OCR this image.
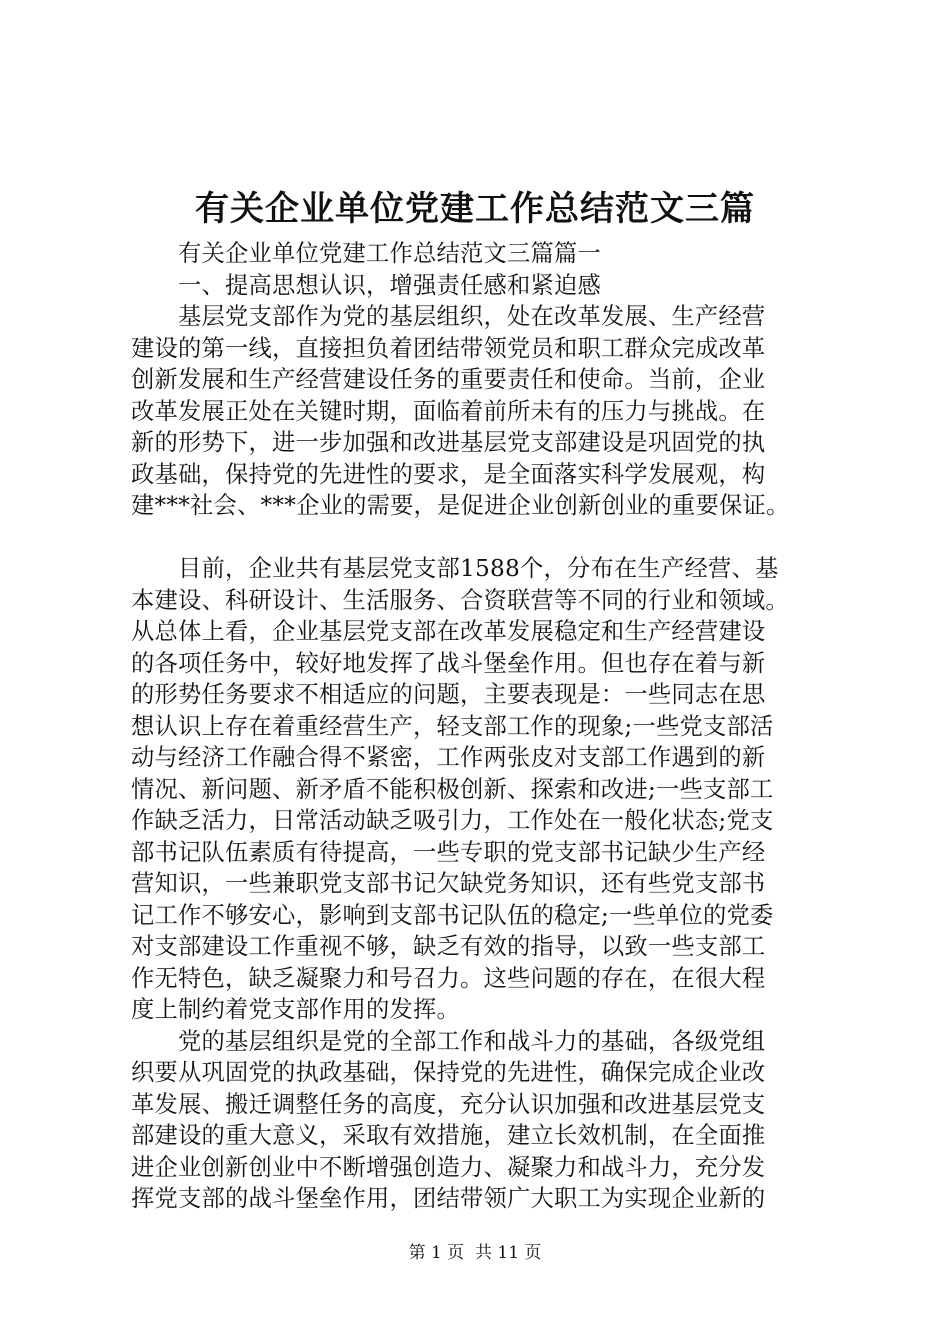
有关企业单位党建工作总结范文三篇
有关企业单位党建工作总结范文三篇篇一
一、提高思想认识，增强责任感和紧迫感
基层党支部作为党的基层组织，处在改革发展、生产经营
建设的第一线，直接担负着团结带领党员和职工群众完成改革
创新发展和生产经营建设任务的重要责任和使命。当前，企业
改革发展正处在关键时期，面临着前所未有的压力与挑战。在
新的形势下，进一步加强和改进基层党支部建设是巩固党的执
政基础，保持党的先进性的要求，是全面落实科学发展观，构
建***社会、***企业的需要，是促进企业创新创业的重要保证。
目前，企业共有基层党支部1588个，分布在生产经营、基
本建设、科研设计、生活服务、合资联营等不同的行业和领域。
从总体上看，企业基层党支部在改革发展稳定和生产经营建设
的各项任务中，较好地发挥了战斗堡垒作用。但也存在着与新
的形势任务要求不相适应的问题，主要表现是：一些同志在思
想认识上存在着重经营生产，轻支部工作的现象;一些党支部活
动与经济工作融合得不紧密，工作两张皮对支部工作遇到的新
情况、新问题、新矛盾不能积极创新、探索和改进;一些支部工
作缺乏活力，日常活动缺乏吸引力，工作处在一般化状态;党支
部书记队伍素质有待提高，一些专职的党支部书记缺少生产经
营知识，一些兼职党支部书记欠缺党务知识，还有些党支部书
记工作不够安心，影响到支部书记队伍的稳定;一些单位的党委
对支部建设工作重视不够，缺乏有效的指导，以致一些支部工
作无特色，缺乏凝聚力和号召力。这些问题的存在，在很大程
度上制约着党支部作用的发挥。
党的基层组织是党的全部工作和战斗力的基础，各级党组
织要从巩固党的执政基础，保持党的先进性，确保完成企业改
革发展、搬迁调整任务的高度，充分认识加强和改进基层党支
部建设的重大意义，采取有效措施，建立长效机制，在全面推
进企业创新创业中不断增强创造力、凝聚力和战斗力，充分发
挥党支部的战斗堡垒作用，团结带领广大职工为实现企业新的
第 1 页  共 11 页
